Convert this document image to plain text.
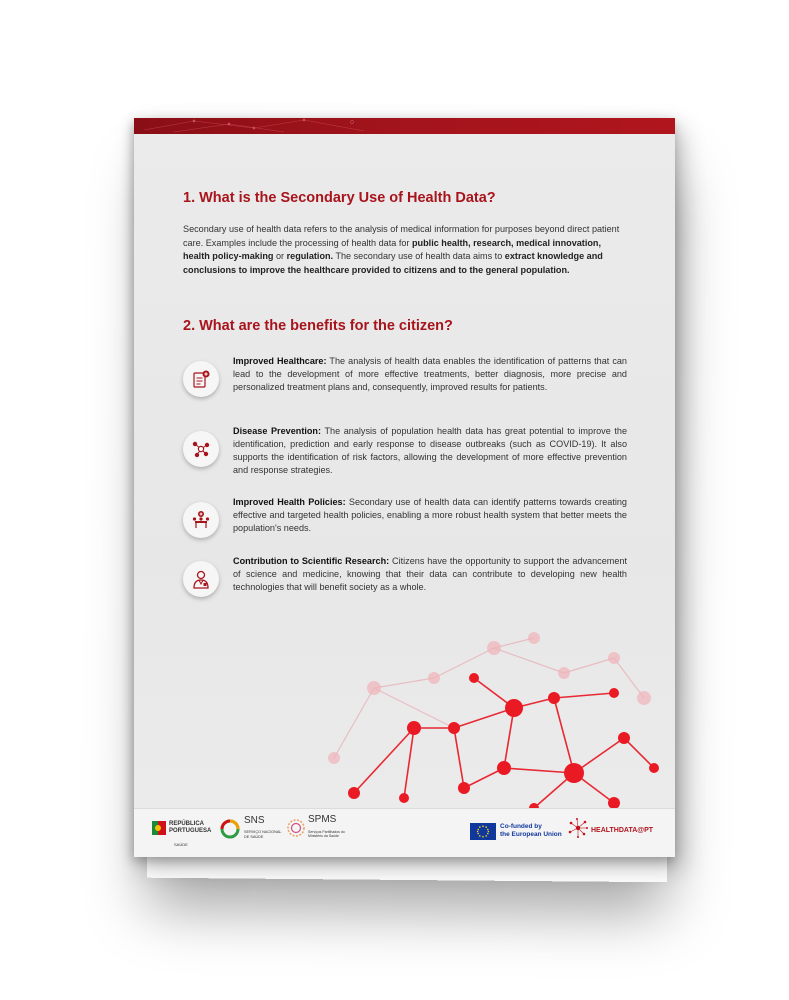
1. What is the Secondary Use of Health Data?

Secondary use of health data refers to the analysis of medical information for purposes beyond direct patient care. Examples include the processing of health data for public health, research, medical innovation, health policy-making or regulation. The secondary use of health data aims to extract knowledge and conclusions to improve the healthcare provided to citizens and to the general population.

2. What are the benefits for the citizen?

Improved Healthcare: The analysis of health data enables the identification of patterns that can lead to the development of more effective treatments, better diagnosis, more precise and personalized treatment plans and, consequently, improved results for patients.

Disease Prevention: The analysis of population health data has great potential to improve the identification, prediction and early response to disease outbreaks (such as COVID-19). It also supports the identification of risk factors, allowing the development of more effective prevention and response strategies.

Improved Health Policies: Secondary use of health data can identify patterns towards creating effective and targeted health policies, enabling a more robust health system that better meets the population's needs.

Contribution to Scientific Research: Citizens have the opportunity to support the advancement of science and medicine, knowing that their data can contribute to developing new health technologies that will benefit society as a whole.

REPÚBLICA
PORTUGUESA
SAÚDE
SNS
SERVIÇO NACIONAL
DE SAÚDE
SPMS
Serviços Partilhados do
Ministério da Saúde
Co-funded by
the European Union
HEALTHDATA@PT
